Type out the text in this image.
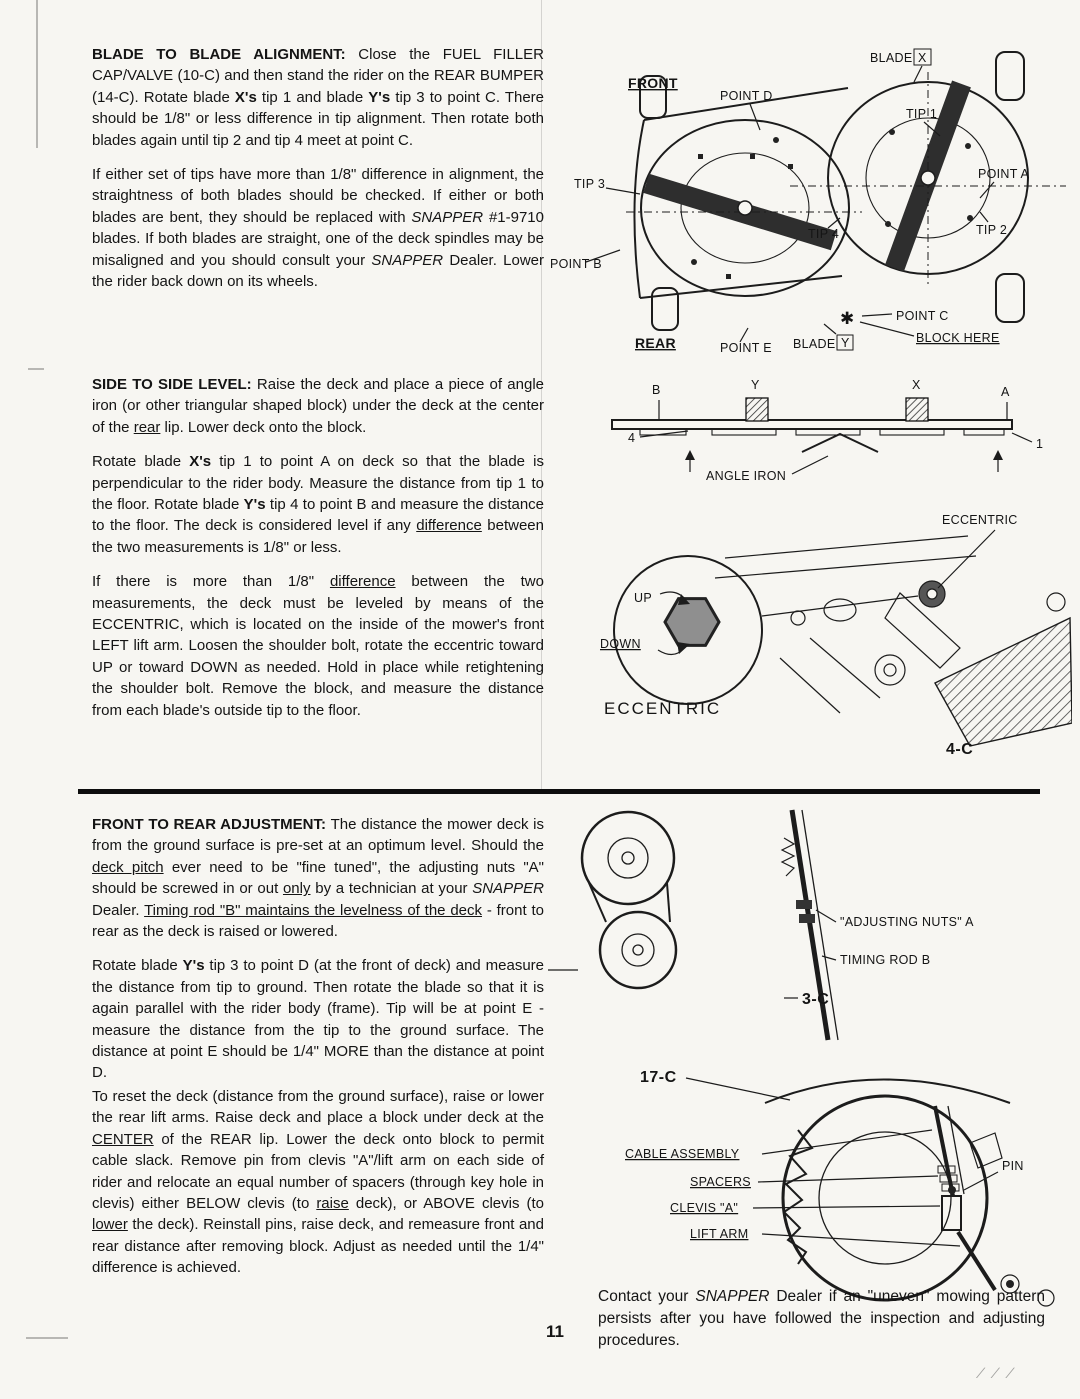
∕ ∕ ∕

BLADE TO BLADE ALIGNMENT: Close the FUEL FILLER CAP/VALVE (10-C) and then stand the rider on the REAR BUMPER (14-C). Rotate blade X's tip 1 and blade Y's tip 3 to point C. There should be 1/8" or less difference in tip alignment. Then rotate both blades again until tip 2 and tip 4 meet at point C.

If either set of tips have more than 1/8" difference in alignment, the straightness of both blades should be checked. If either or both blades are bent, they should be replaced with SNAPPER #1-9710 blades. If both blades are straight, one of the deck spindles may be misaligned and you should consult your SNAPPER Dealer. Lower the rider back down on its wheels.

SIDE TO SIDE LEVEL: Raise the deck and place a piece of angle iron (or other triangular shaped block) under the deck at the center of the rear lip. Lower deck onto the block.

Rotate blade X's tip 1 to point A on deck so that the blade is perpendicular to the rider body. Measure the distance from tip 1 to the floor. Rotate blade Y's tip 4 to point B and measure the distance to the floor. The deck is considered level if any difference between the two measurements is 1/8" or less.

If there is more than 1/8" difference between the two measurements, the deck must be leveled by means of the ECCENTRIC, which is located on the inside of the mower's front LEFT lift arm. Loosen the shoulder bolt, rotate the eccentric toward UP or toward DOWN as needed. Hold in place while retightening the shoulder bolt. Remove the block, and measure the distance from each blade's outside tip to the floor.

FRONT TO REAR ADJUSTMENT: The distance the mower deck is from the ground surface is pre-set at an optimum level. Should the deck pitch ever need to be "fine tuned", the adjusting nuts "A" should be screwed in or out only by a technician at your SNAPPER Dealer. Timing rod "B" maintains the levelness of the deck - front to rear as the deck is raised or lowered.

Rotate blade Y's tip 3 to point D (at the front of deck) and measure the distance from tip to ground. Then rotate the blade so that it is again parallel with the rider body (frame). Tip will be at point E - measure the distance from the tip to the ground surface. The distance at point E should be 1/4" MORE than the distance at point D.

To reset the deck (distance from the ground surface), raise or lower the rear lift arms. Raise deck and place a block under deck at the CENTER of the REAR lip. Lower the deck onto block to permit cable slack. Remove pin from clevis "A"/lift arm on each side of rider and relocate an equal number of spacers (through key hole in clevis) either BELOW clevis (to raise deck), or ABOVE clevis (to lower the deck). Reinstall pins, raise deck, and remeasure front and rear distance after removing block. Adjust as needed until the 1/4" difference is achieved.

FRONT
BLADE X
POINT D
TIP 1
TIP 3
POINT A
TIP 4	TIP 2
POINT B
POINT C
✱
REAR	POINT E BLADE Y	BLOCK HERE
B	Y	X	A
4	1
ANGLE IRON
ECCENTRIC
UP
DOWN
ECCENTRIC
4-C
"ADJUSTING NUTS" A
TIMING ROD B
3-C
17-C
CABLE ASSEMBLY
SPACERS
PIN
CLEVIS "A"
LIFT ARM

Contact your SNAPPER Dealer if an "uneven" mowing pattern persists after you have followed the inspection and adjusting procedures.

11
